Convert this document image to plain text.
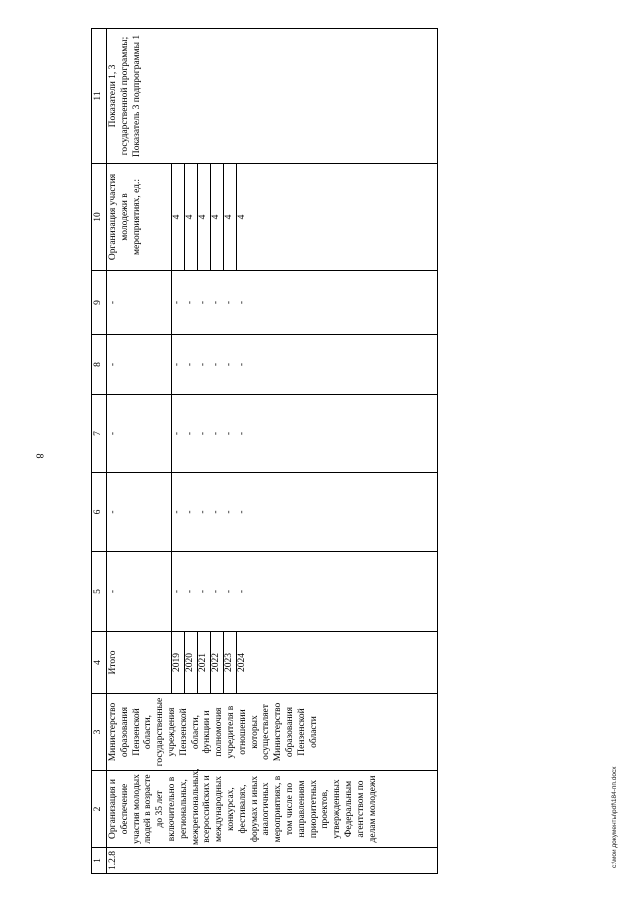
8
1	2	3	4	5	6	7	8	9	10	11
1.2.8	Организация и обеспечение участия молодых людей в возрасте до 35 лет включительно в региональных, межрегиональных, всероссийских и международных конкурсах, фестивалях, форумах и иных аналогичных мероприятиях, в том числе по направлениям приоритетных проектов, утвержденных Федеральным агентством по делам молодежи	Министерство образования Пензенской области, государственные учреждения Пензенской области, функции и полномочия учредителя в отношении которых осуществляет Министерство образования Пензенской области	Итого	-	-	-	-	-	Организация участия молодежи в мероприятиях, ед.:	Показатели 1, 3 государственной программы; Показатель 3 подпрограммы 1
			2019	-	-	-	-	-	4	
			2020	-	-	-	-	-	4	
			2021	-	-	-	-	-	4	
			2022	-	-	-	-	-	4	
			2023	-	-	-	-	-	4	
			2024	-	-	-	-	-	4	
c:\мои документы\pdf\184-пп.docx
